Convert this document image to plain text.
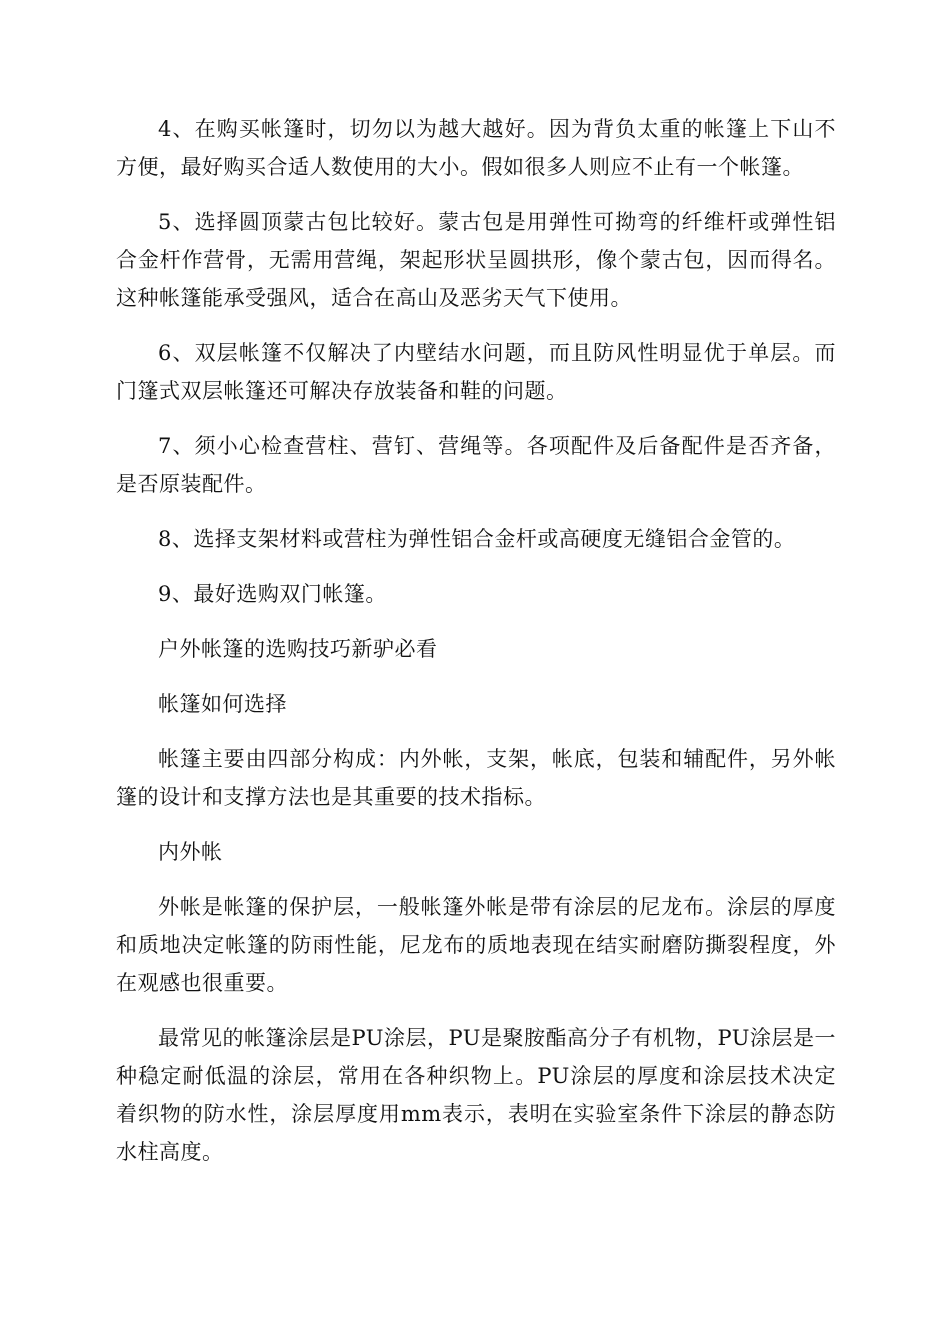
4、在购买帐篷时，切勿以为越大越好。因为背负太重的帐篷上下山不方便，最好购买合适人数使用的大小。假如很多人则应不止有一个帐篷。

5、选择圆顶蒙古包比较好。蒙古包是用弹性可拗弯的纤维杆或弹性铝合金杆作营骨，无需用营绳，架起形状呈圆拱形，像个蒙古包，因而得名。这种帐篷能承受强风，适合在高山及恶劣天气下使用。

6、双层帐篷不仅解决了内壁结水问题，而且防风性明显优于单层。而门篷式双层帐篷还可解决存放装备和鞋的问题。

7、须小心检查营柱、营钉、营绳等。各项配件及后备配件是否齐备，是否原装配件。

8、选择支架材料或营柱为弹性铝合金杆或高硬度无缝铝合金管的。

9、最好选购双门帐篷。

户外帐篷的选购技巧新驴必看

帐篷如何选择

帐篷主要由四部分构成：内外帐，支架，帐底，包装和辅配件，另外帐篷的设计和支撑方法也是其重要的技术指标。

内外帐

外帐是帐篷的保护层，一般帐篷外帐是带有涂层的尼龙布。涂层的厚度和质地决定帐篷的防雨性能，尼龙布的质地表现在结实耐磨防撕裂程度，外在观感也很重要。

最常见的帐篷涂层是PU涂层，PU是聚胺酯高分子有机物，PU涂层是一种稳定耐低温的涂层，常用在各种织物上。PU涂层的厚度和涂层技术决定着织物的防水性，涂层厚度用mm表示，表明在实验室条件下涂层的静态防水柱高度。
